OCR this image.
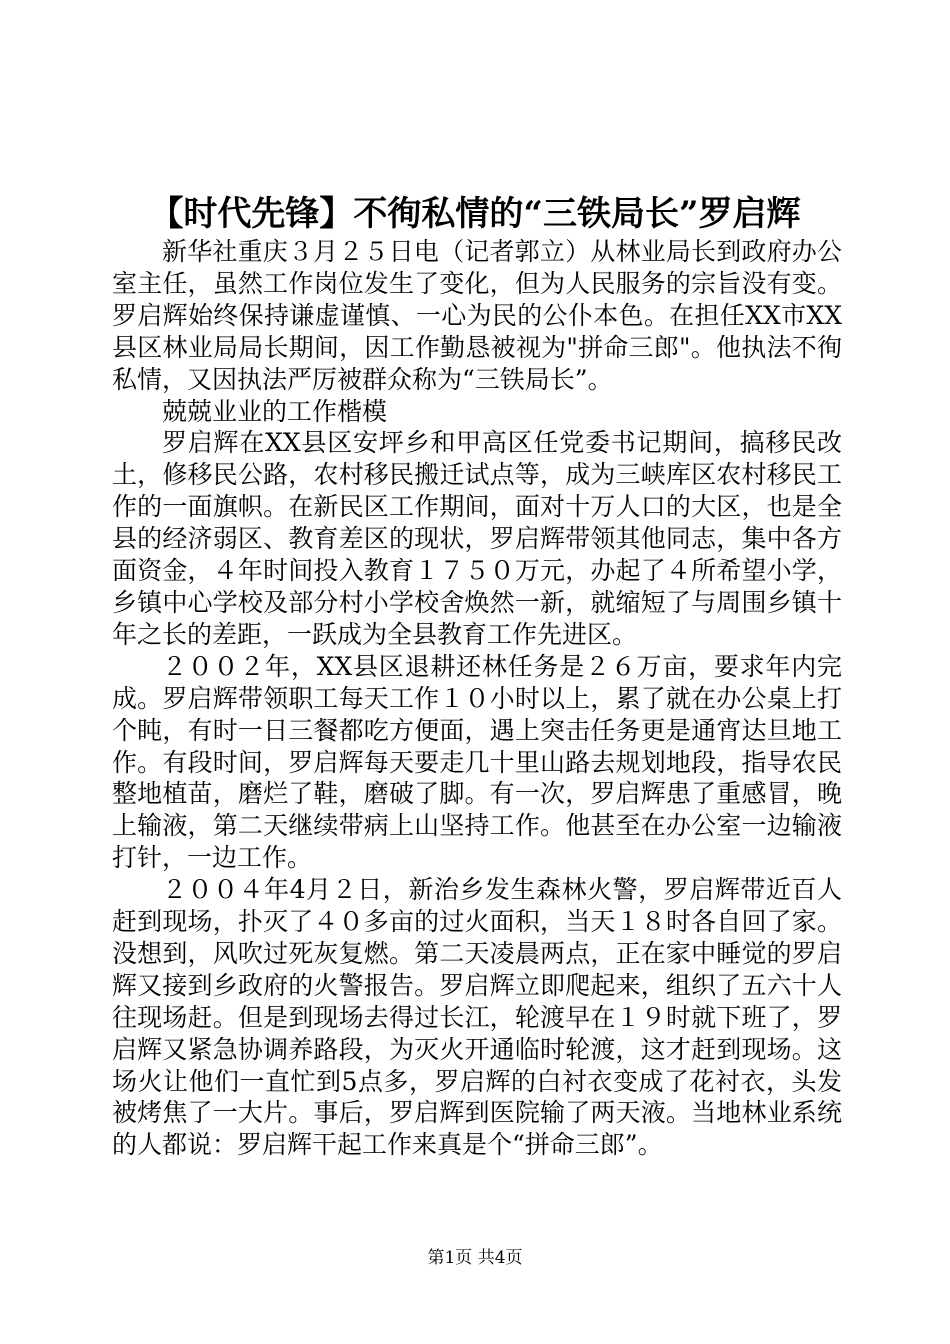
【时代先锋】不徇私情的“三铁局长”罗启辉

新华社重庆３月２５日电（记者郭立）从林业局长到政府办公室主任，虽然工作岗位发生了变化，但为人民服务的宗旨没有变。罗启辉始终保持谦虚谨慎、一心为民的公仆本色。在担任XX市XX县区林业局局长期间，因工作勤恳被视为"拼命三郎"。他执法不徇私情，又因执法严厉被群众称为“三铁局长”。

兢兢业业的工作楷模

罗启辉在XX县区安坪乡和甲高区任党委书记期间，搞移民改土，修移民公路，农村移民搬迁试点等，成为三峡库区农村移民工作的一面旗帜。在新民区工作期间，面对十万人口的大区，也是全县的经济弱区、教育差区的现状，罗启辉带领其他同志，集中各方面资金，４年时间投入教育１７５０万元，办起了４所希望小学，乡镇中心学校及部分村小学校舍焕然一新，就缩短了与周围乡镇十年之长的差距，一跃成为全县教育工作先进区。

２００２年，XX县区退耕还林任务是２６万亩，要求年内完成。罗启辉带领职工每天工作１０小时以上，累了就在办公桌上打个盹，有时一日三餐都吃方便面，遇上突击任务更是通宵达旦地工作。有段时间，罗启辉每天要走几十里山路去规划地段，指导农民整地植苗，磨烂了鞋，磨破了脚。有一次，罗启辉患了重感冒，晚上输液，第二天继续带病上山坚持工作。他甚至在办公室一边输液打针，一边工作。

２００４年4月２日，新治乡发生森林火警，罗启辉带近百人赶到现场，扑灭了４０多亩的过火面积，当天１８时各自回了家。没想到，风吹过死灰复燃。第二天凌晨两点，正在家中睡觉的罗启辉又接到乡政府的火警报告。罗启辉立即爬起来，组织了五六十人往现场赶。但是到现场去得过长江，轮渡早在１９时就下班了，罗启辉又紧急协调养路段，为灭火开通临时轮渡，这才赶到现场。这场火让他们一直忙到5点多，罗启辉的白衬衣变成了花衬衣，头发被烤焦了一大片。事后，罗启辉到医院输了两天液。当地林业系统的人都说：罗启辉干起工作来真是个“拼命三郎”。

第1页 共4页
